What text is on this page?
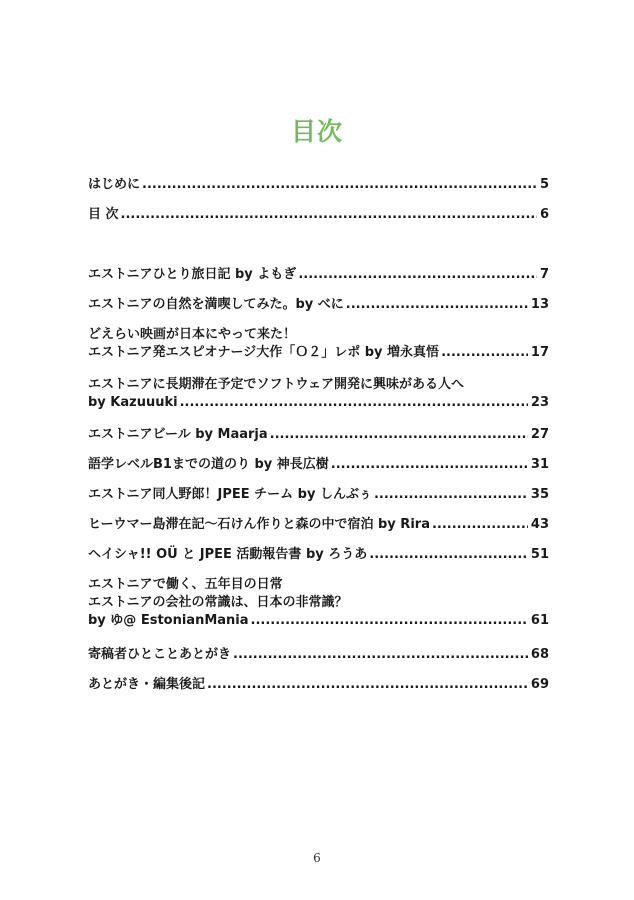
目次
はじめに .....	5
目 次 .....	6
エストニアひとり旅日記 by よもぎ .....	7
エストニアの自然を満喫してみた。by べに .....	13
どえらい映画が日本にやって来た！
エストニア発エスピオナージ大作「Ｏ２」レポ by 増永真悟 .....	17
エストニアに長期滞在予定でソフトウェア開発に興味がある人へ
by Kazuuuki .....	23
エストニアビール by Maarja .....	27
語学レベルB1までの道のり by 神長広樹 .....	31
エストニア同人野郎！JPEE チーム by しんぶぅ .....	35
ヒーウマー島滞在記～石けん作りと森の中で宿泊 by Rira .....	43
ヘイシャ!! OÜ と JPEE 活動報告書 by ろうあ .....	51
エストニアで働く、五年目の日常
エストニアの会社の常識は、日本の非常識？
by ゆ@ EstonianMania .....	61
寄稿者ひとことあとがき .....	68
あとがき・編集後記 .....	69
6
